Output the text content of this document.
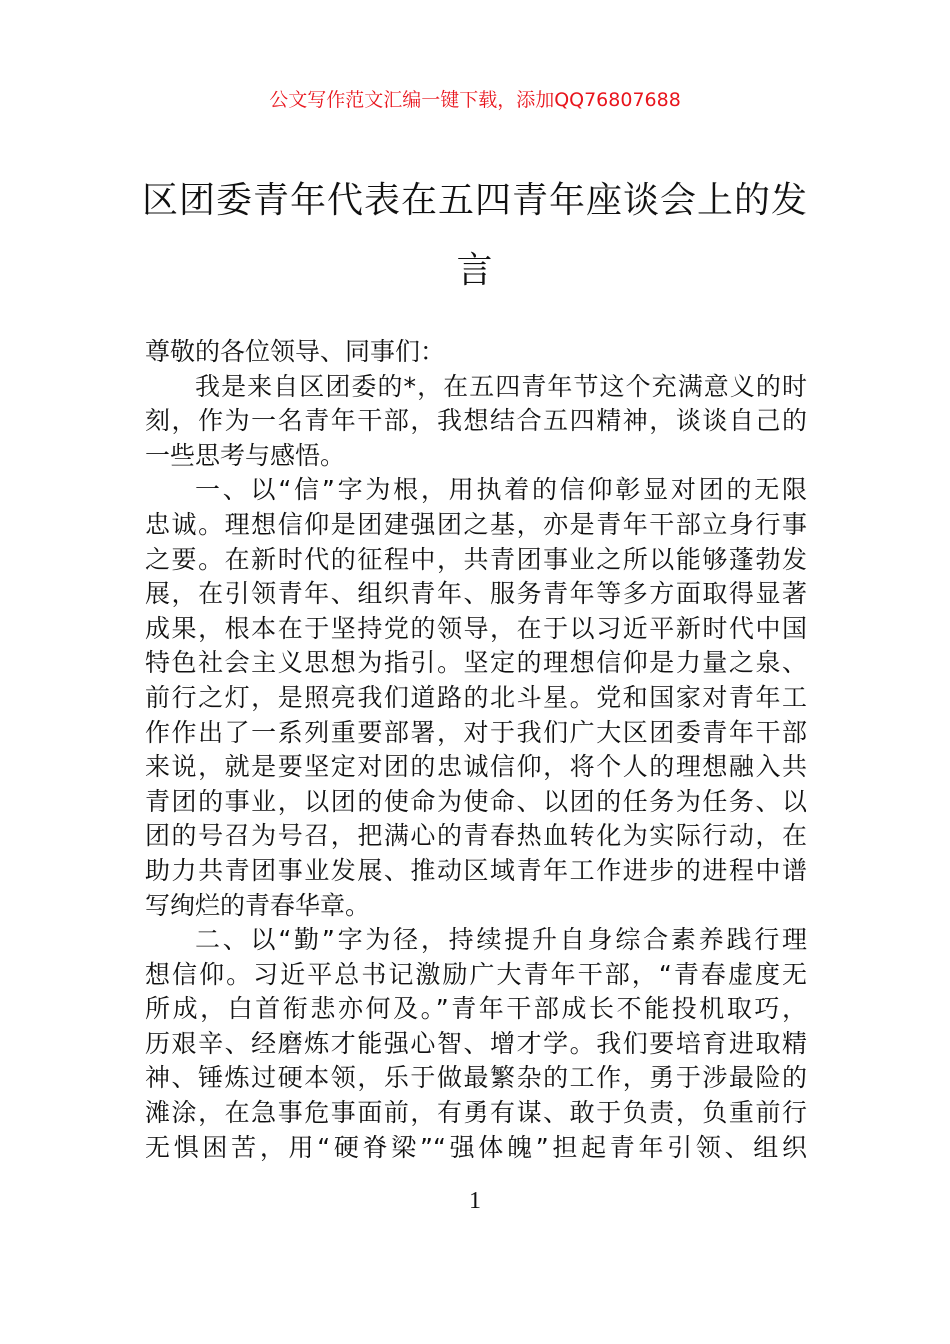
公文写作范文汇编一键下载，添加QQ76807688
区团委青年代表在五四青年座谈会上的发
言
尊敬的各位领导、同事们：
我是来自区团委的*，在五四青年节这个充满意义的时
刻，作为一名青年干部，我想结合五四精神，谈谈自己的
一些思考与感悟。
一、以“信”字为根，用执着的信仰彰显对团的无限
忠诚。理想信仰是团建强团之基，亦是青年干部立身行事
之要。在新时代的征程中，共青团事业之所以能够蓬勃发
展，在引领青年、组织青年、服务青年等多方面取得显著
成果，根本在于坚持党的领导，在于以习近平新时代中国
特色社会主义思想为指引。坚定的理想信仰是力量之泉、
前行之灯，是照亮我们道路的北斗星。党和国家对青年工
作作出了一系列重要部署，对于我们广大区团委青年干部
来说，就是要坚定对团的忠诚信仰，将个人的理想融入共
青团的事业，以团的使命为使命、以团的任务为任务、以
团的号召为号召，把满心的青春热血转化为实际行动，在
助力共青团事业发展、推动区域青年工作进步的进程中谱
写绚烂的青春华章。
二、以“勤”字为径，持续提升自身综合素养践行理
想信仰。习近平总书记激励广大青年干部，“青春虚度无
所成，白首衔悲亦何及。”青年干部成长不能投机取巧，
历艰辛、经磨炼才能强心智、增才学。我们要培育进取精
神、锤炼过硬本领，乐于做最繁杂的工作，勇于涉最险的
滩涂，在急事危事面前，有勇有谋、敢于负责，负重前行
无惧困苦，用“硬脊梁”“强体魄”担起青年引领、组织
1
